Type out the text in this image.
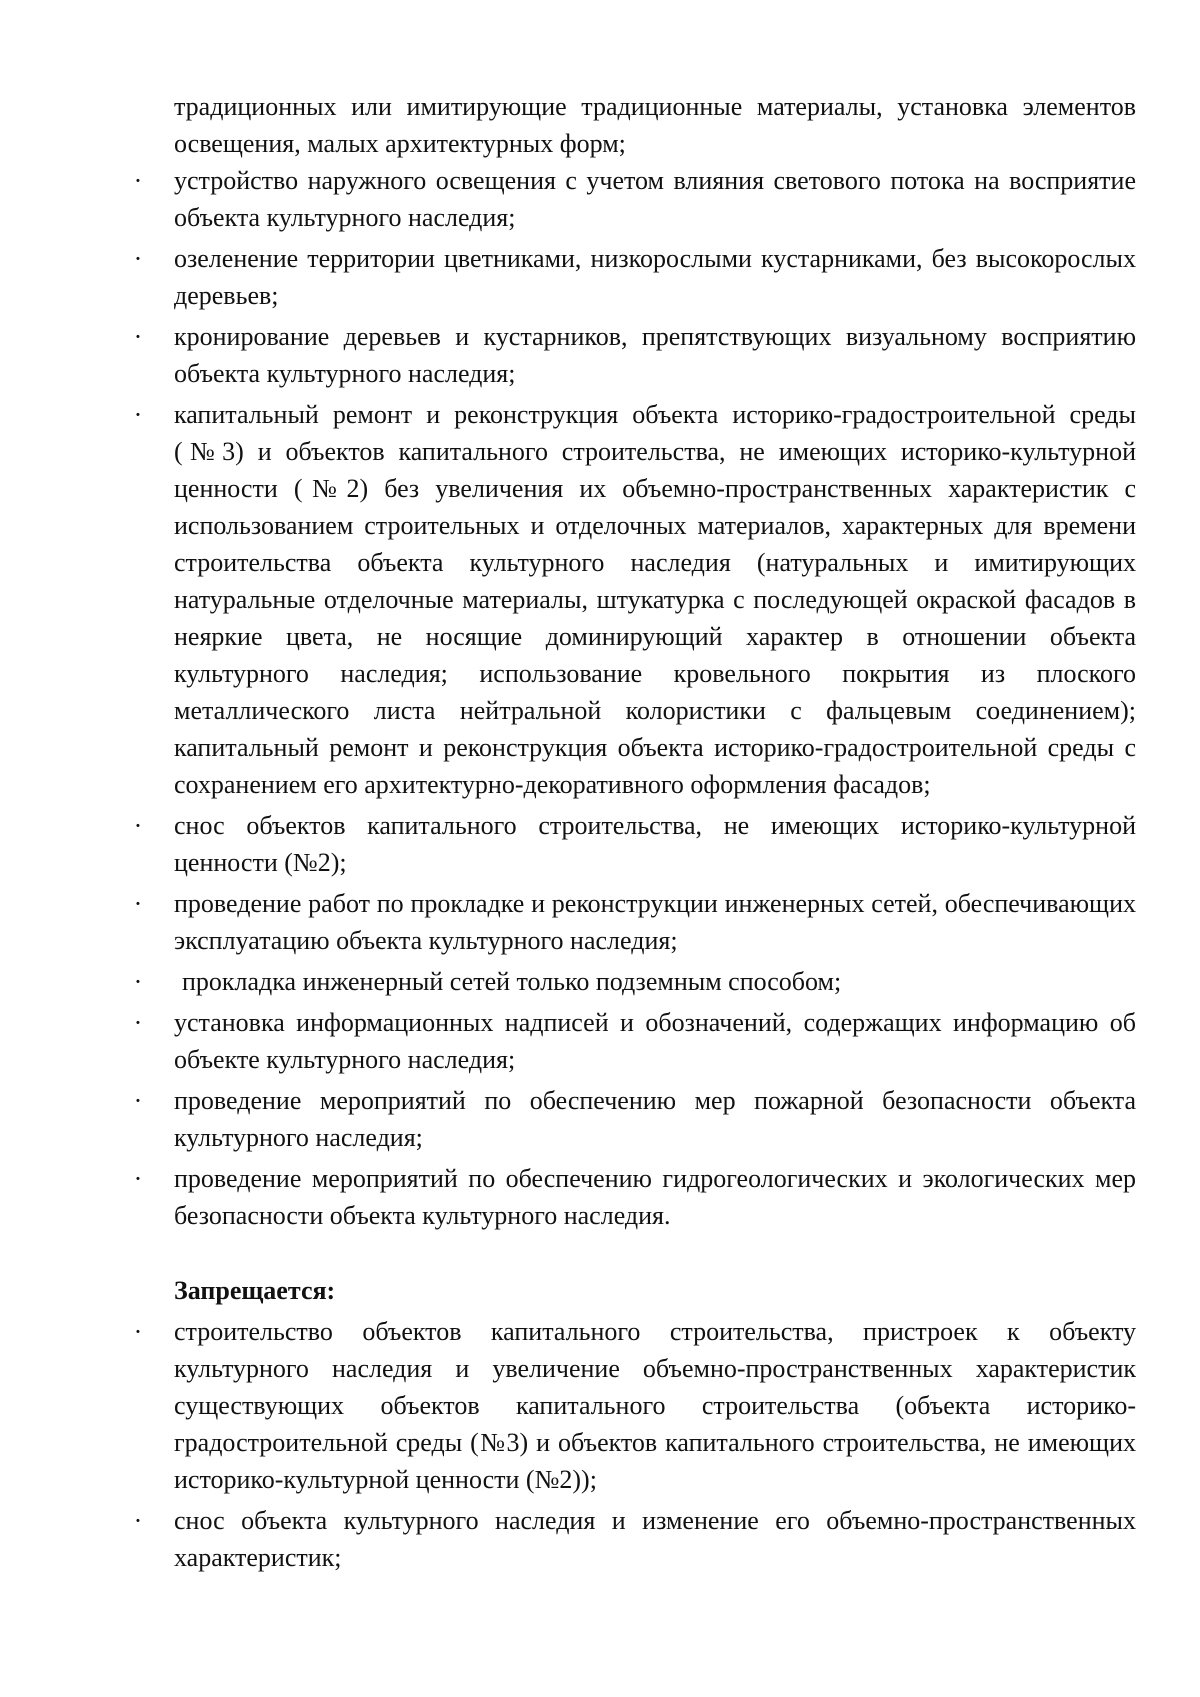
традиционных или имитирующие традиционные материалы, установка элементов освещения, малых архитектурных форм;

· устройство наружного освещения с учетом влияния светового потока на восприятие объекта культурного наследия;
· озеленение территории цветниками, низкорослыми кустарниками, без высокорослых деревьев;
· кронирование деревьев и кустарников, препятствующих визуальному восприятию объекта культурного наследия;
· капитальный ремонт и реконструкция объекта историко-градостроительной среды (№3) и объектов капитального строительства, не имеющих историко-культурной ценности (№2) без увеличения их объемно-пространственных характеристик с использованием строительных и отделочных материалов, характерных для времени строительства объекта культурного наследия (натуральных и имитирующих натуральные отделочные материалы, штукатурка с последующей окраской фасадов в неяркие цвета, не носящие доминирующий характер в отношении объекта культурного наследия; использование кровельного покрытия из плоского металлического листа нейтральной колористики с фальцевым соединением); капитальный ремонт и реконструкция объекта историко-градостроительной среды с сохранением его архитектурно-декоративного оформления фасадов;
· снос объектов капитального строительства, не имеющих историко-культурной ценности (№2);
· проведение работ по прокладке и реконструкции инженерных сетей, обеспечивающих эксплуатацию объекта культурного наследия;
· прокладка инженерный сетей только подземным способом;
· установка информационных надписей и обозначений, содержащих информацию об объекте культурного наследия;
· проведение мероприятий по обеспечению мер пожарной безопасности объекта культурного наследия;
· проведение мероприятий по обеспечению гидрогеологических и экологических мер безопасности объекта культурного наследия.
Запрещается:
· строительство объектов капитального строительства, пристроек к объекту культурного наследия и увеличение объемно-пространственных характеристик существующих объектов капитального строительства (объекта историко-градостроительной среды (№3) и объектов капитального строительства, не имеющих историко-культурной ценности (№2));
· снос объекта культурного наследия и изменение его объемно-пространственных характеристик;
